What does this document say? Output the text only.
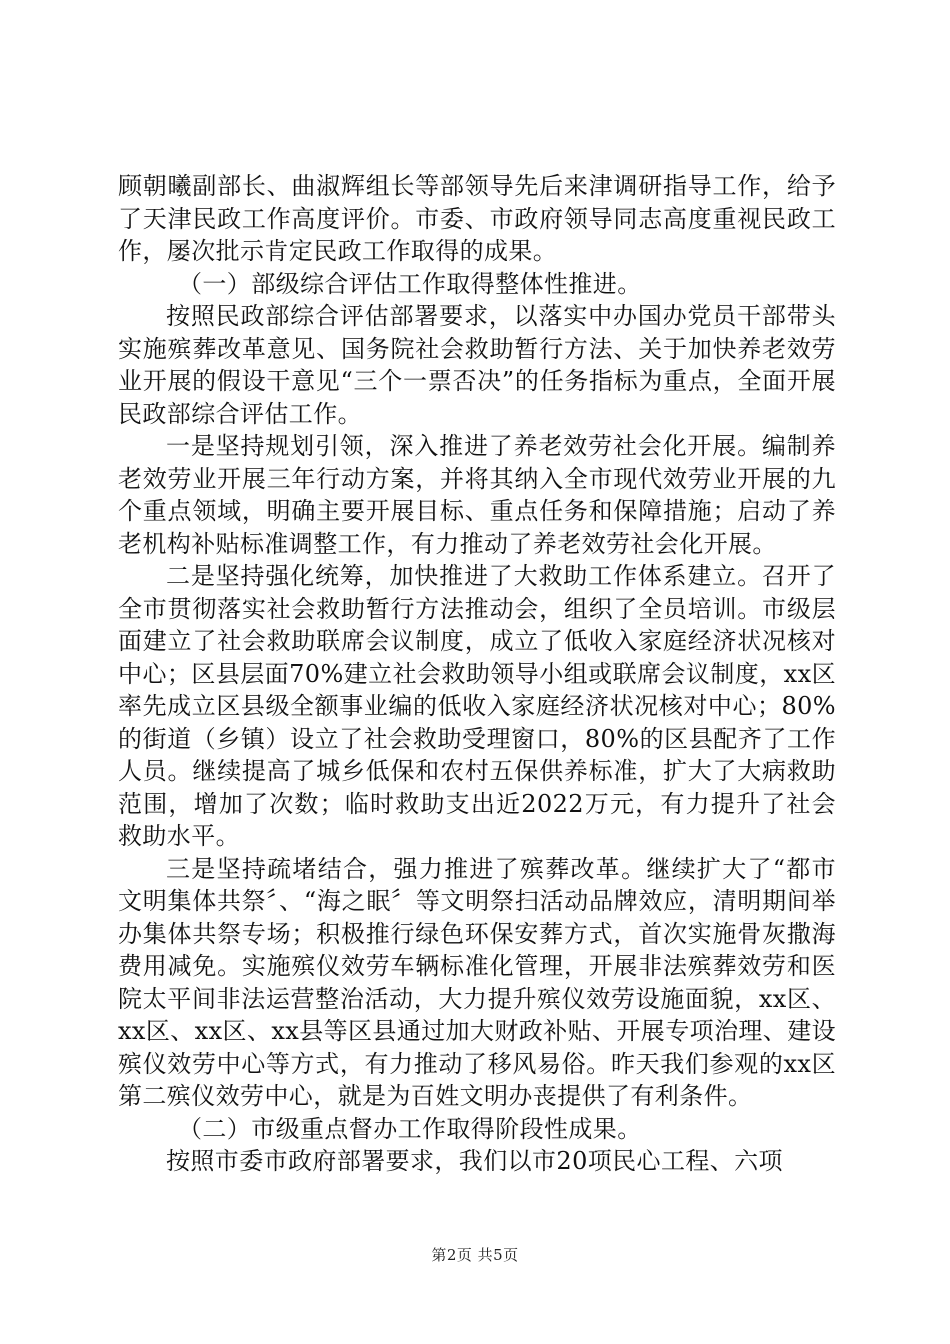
顾朝曦副部长、曲淑辉组长等部领导先后来津调研指导工作，给予了天津民政工作高度评价。市委、市政府领导同志高度重视民政工作，屡次批示肯定民政工作取得的成果。

（一）部级综合评估工作取得整体性推进。

按照民政部综合评估部署要求，以落实中办国办党员干部带头实施殡葬改革意见、国务院社会救助暂行方法、关于加快养老效劳业开展的假设干意见“三个一票否决”的任务指标为重点，全面开展民政部综合评估工作。

一是坚持规划引领，深入推进了养老效劳社会化开展。编制养老效劳业开展三年行动方案，并将其纳入全市现代效劳业开展的九个重点领域，明确主要开展目标、重点任务和保障措施；启动了养老机构补贴标准调整工作，有力推动了养老效劳社会化开展。

二是坚持强化统筹，加快推进了大救助工作体系建立。召开了全市贯彻落实社会救助暂行方法推动会，组织了全员培训。市级层面建立了社会救助联席会议制度，成立了低收入家庭经济状况核对中心；区县层面70%建立社会救助领导小组或联席会议制度，xx区率先成立区县级全额事业编的低收入家庭经济状况核对中心；80%的街道（乡镇）设立了社会救助受理窗口，80%的区县配齐了工作人员。继续提高了城乡低保和农村五保供养标准，扩大了大病救助范围，增加了次数；临时救助支出近2022万元，有力提升了社会救助水平。

三是坚持疏堵结合，强力推进了殡葬改革。继续扩大了“都市文明集体共祭〞、“海之眠〞等文明祭扫活动品牌效应，清明期间举办集体共祭专场；积极推行绿色环保安葬方式，首次实施骨灰撒海费用减免。实施殡仪效劳车辆标准化管理，开展非法殡葬效劳和医院太平间非法运营整治活动，大力提升殡仪效劳设施面貌，xx区、xx区、xx区、xx县等区县通过加大财政补贴、开展专项治理、建设殡仪效劳中心等方式，有力推动了移风易俗。昨天我们参观的xx区第二殡仪效劳中心，就是为百姓文明办丧提供了有利条件。

（二）市级重点督办工作取得阶段性成果。

按照市委市政府部署要求，我们以市20项民心工程、六项

第2页 共5页
